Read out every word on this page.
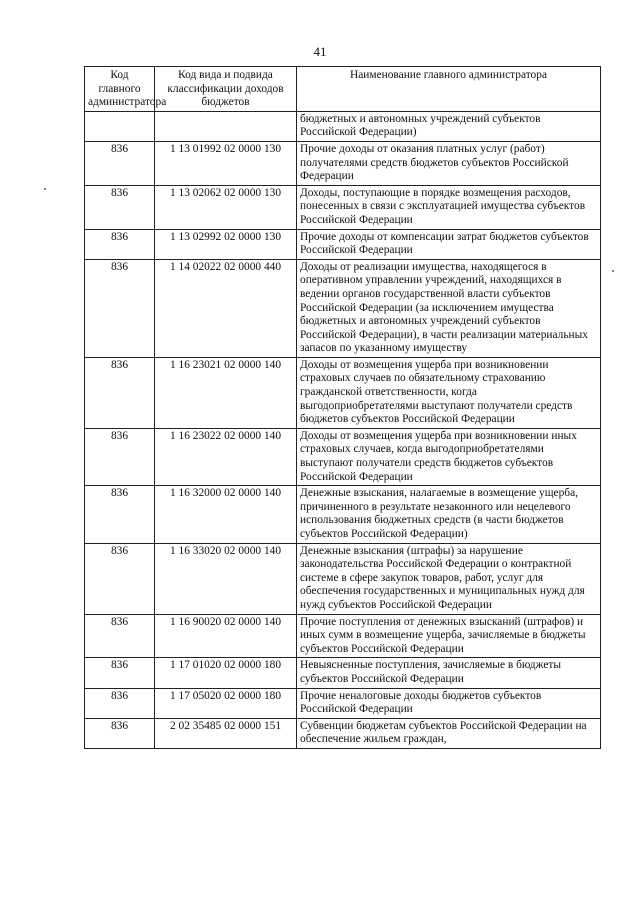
41
Код главного администратора	Код вида и подвида классификации доходов бюджетов	Наименование главного администратора
		бюджетных и автономных учреждений субъектов Российской Федерации)
836	1 13 01992 02 0000 130	Прочие доходы от оказания платных услуг (работ) получателями средств бюджетов субъектов Российской Федерации
836	1 13 02062 02 0000 130	Доходы, поступающие в порядке возмещения расходов, понесенных в связи с эксплуатацией имущества субъектов Российской Федерации
836	1 13 02992 02 0000 130	Прочие доходы от компенсации затрат бюджетов субъектов Российской Федерации
836	1 14 02022 02 0000 440	Доходы от реализации имущества, находящегося в оперативном управлении учреждений, находящихся в ведении органов государственной власти субъектов Российской Федерации (за исключением имущества бюджетных и автономных учреждений субъектов Российской Федерации), в части реализации материальных запасов по указанному имуществу
836	1 16 23021 02 0000 140	Доходы от возмещения ущерба при возникновении страховых случаев по обязательному страхованию гражданской ответственности, когда выгодоприобретателями выступают получатели средств бюджетов субъектов Российской Федерации
836	1 16 23022 02 0000 140	Доходы от возмещения ущерба при возникновении иных страховых случаев, когда выгодоприобретателями выступают получатели средств бюджетов субъектов Российской Федерации
836	1 16 32000 02 0000 140	Денежные взыскания, налагаемые в возмещение ущерба, причиненного в результате незаконного или нецелевого использования бюджетных средств (в части бюджетов субъектов Российской Федерации)
836	1 16 33020 02 0000 140	Денежные взыскания (штрафы) за нарушение законодательства Российской Федерации о контрактной системе в сфере закупок товаров, работ, услуг для обеспечения государственных и муниципальных нужд для нужд субъектов Российской Федерации
836	1 16 90020 02 0000 140	Прочие поступления от денежных взысканий (штрафов) и иных сумм в возмещение ущерба, зачисляемые в бюджеты субъектов Российской Федерации
836	1 17 01020 02 0000 180	Невыясненные поступления, зачисляемые в бюджеты субъектов Российской Федерации
836	1 17 05020 02 0000 180	Прочие неналоговые доходы бюджетов субъектов Российской Федерации
836	2 02 35485 02 0000 151	Субвенции бюджетам субъектов Российской Федерации на обеспечение жильем граждан,
